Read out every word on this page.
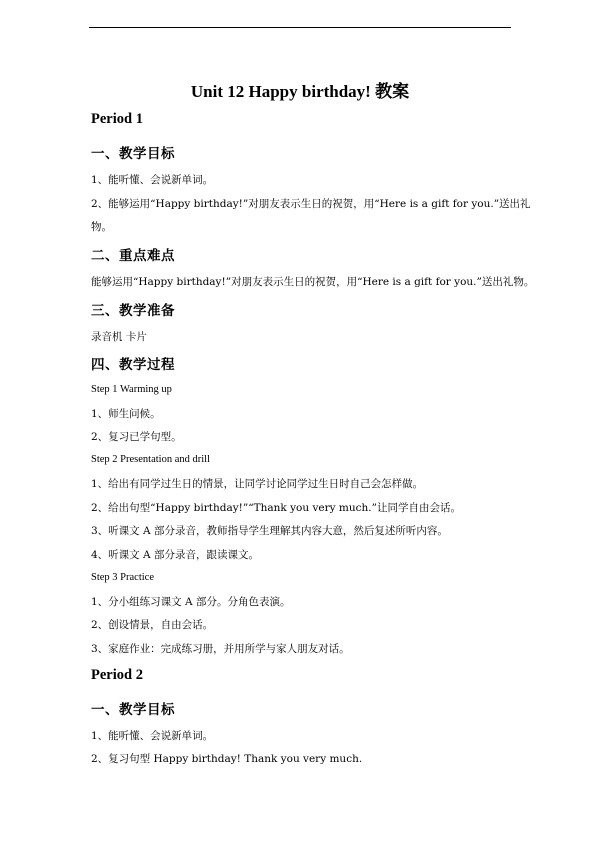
Unit 12 Happy birthday! 教案
Period 1
一、教学目标
1、能听懂、会说新单词。
2、能够运用“Happy birthday!”对朋友表示生日的祝贺，用“Here is a gift for you.”送出礼
物。
二、重点难点
能够运用“Happy birthday!”对朋友表示生日的祝贺，用“Here is a gift for you.”送出礼物。
三、教学准备
录音机 卡片
四、教学过程
Step 1 Warming up
1、师生问候。
2、复习已学句型。
Step 2 Presentation and drill
1、给出有同学过生日的情景，让同学讨论同学过生日时自己会怎样做。
2、给出句型“Happy birthday!”“Thank you very much.”让同学自由会话。
3、听课文 A 部分录音，教师指导学生理解其内容大意，然后复述所听内容。
4、听课文 A 部分录音，跟读课文。
Step 3 Practice
1、分小组练习课文 A 部分。分角色表演。
2、创设情景，自由会话。
3、家庭作业：完成练习册，并用所学与家人朋友对话。
Period 2
一、教学目标
1、能听懂、会说新单词。
2、复习句型 Happy birthday! Thank you very much.
